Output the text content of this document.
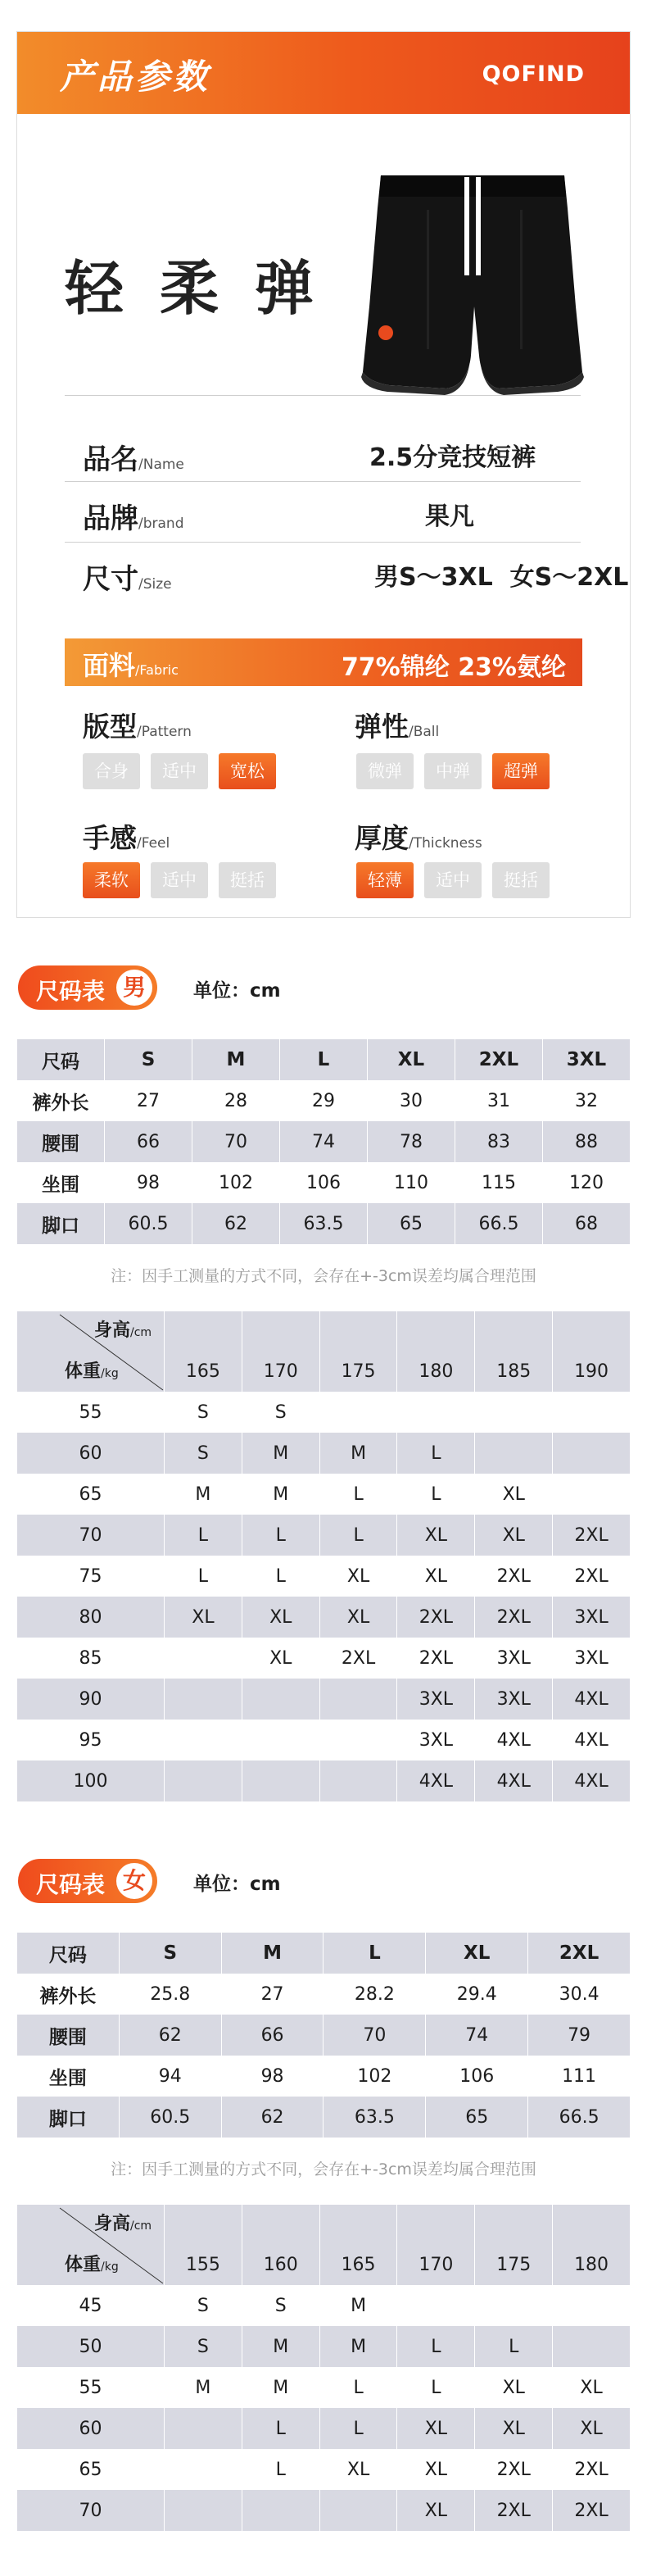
产品参数	QOFIND
轻 柔 弹
品名/Name	2.5分竞技短裤
品牌/brand	果凡
尺寸/Size	男S～3XL  女S～2XL
面料/Fabric	77%锦纶 23%氨纶
版型/Pattern
合身	适中	宽松
弹性/Ball
微弹	中弹	超弹
手感/Feel
柔软	适中	挺括
厚度/Thickness
轻薄	适中	挺括
尺码表 男	单位：cm
尺码	S	M	L	XL	2XL	3XL
裤外长	27	28	29	30	31	32
腰围	66	70	74	78	83	88
坐围	98	102	106	110	115	120
脚口	60.5	62	63.5	65	66.5	68
注：因手工测量的方式不同，会存在+-3cm误差均属合理范围
身高/cm
体重/kg	165	170	175	180	185	190
55	S	S				
60	S	M	M	L		
65	M	M	L	L	XL	
70	L	L	L	XL	XL	2XL
75	L	L	XL	XL	2XL	2XL
80	XL	XL	XL	2XL	2XL	3XL
85		XL	2XL	2XL	3XL	3XL
90				3XL	3XL	4XL
95				3XL	4XL	4XL
100				4XL	4XL	4XL
尺码表 女	单位：cm
尺码	S	M	L	XL	2XL
裤外长	25.8	27	28.2	29.4	30.4
腰围	62	66	70	74	79
坐围	94	98	102	106	111
脚口	60.5	62	63.5	65	66.5
注：因手工测量的方式不同，会存在+-3cm误差均属合理范围
身高/cm
体重/kg	155	160	165	170	175	180
45	S	S	M			
50	S	M	M	L	L	
55	M	M	L	L	XL	XL
60		L	L	XL	XL	XL
65		L	XL	XL	2XL	2XL
70				XL	2XL	2XL
